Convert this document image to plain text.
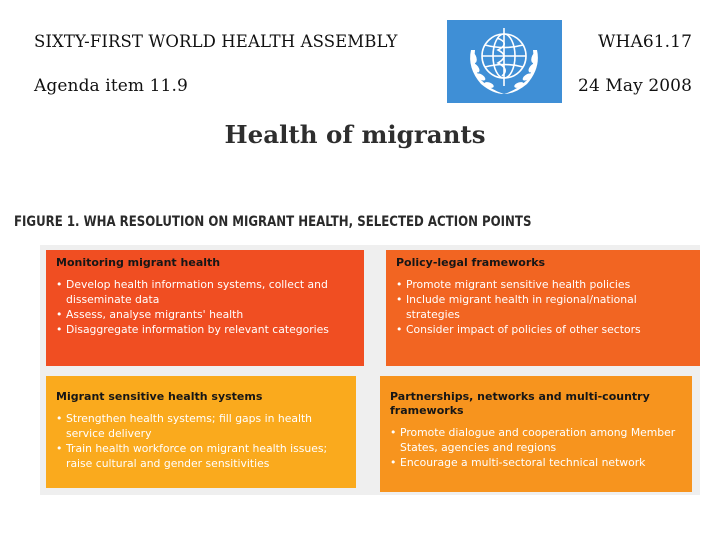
SIXTY-FIRST WORLD HEALTH ASSEMBLY
Agenda item 11.9
WHA61.17
24 May 2008
Health of migrants
FIGURE 1. WHA RESOLUTION ON MIGRANT HEALTH, SELECTED ACTION POINTS
Monitoring migrant health
• Develop health information systems, collect and disseminate data
• Assess, analyse migrants' health
• Disaggregate information by relevant categories
Policy-legal frameworks
• Promote migrant sensitive health policies
• Include migrant health in regional/national strategies
• Consider impact of policies of other sectors
Migrant sensitive health systems
• Strengthen health systems; fill gaps in health service delivery
• Train health workforce on migrant health issues; raise cultural and gender sensitivities
Partnerships, networks and multi-country frameworks
• Promote dialogue and cooperation among Member States, agencies and regions
• Encourage a multi-sectoral technical network
